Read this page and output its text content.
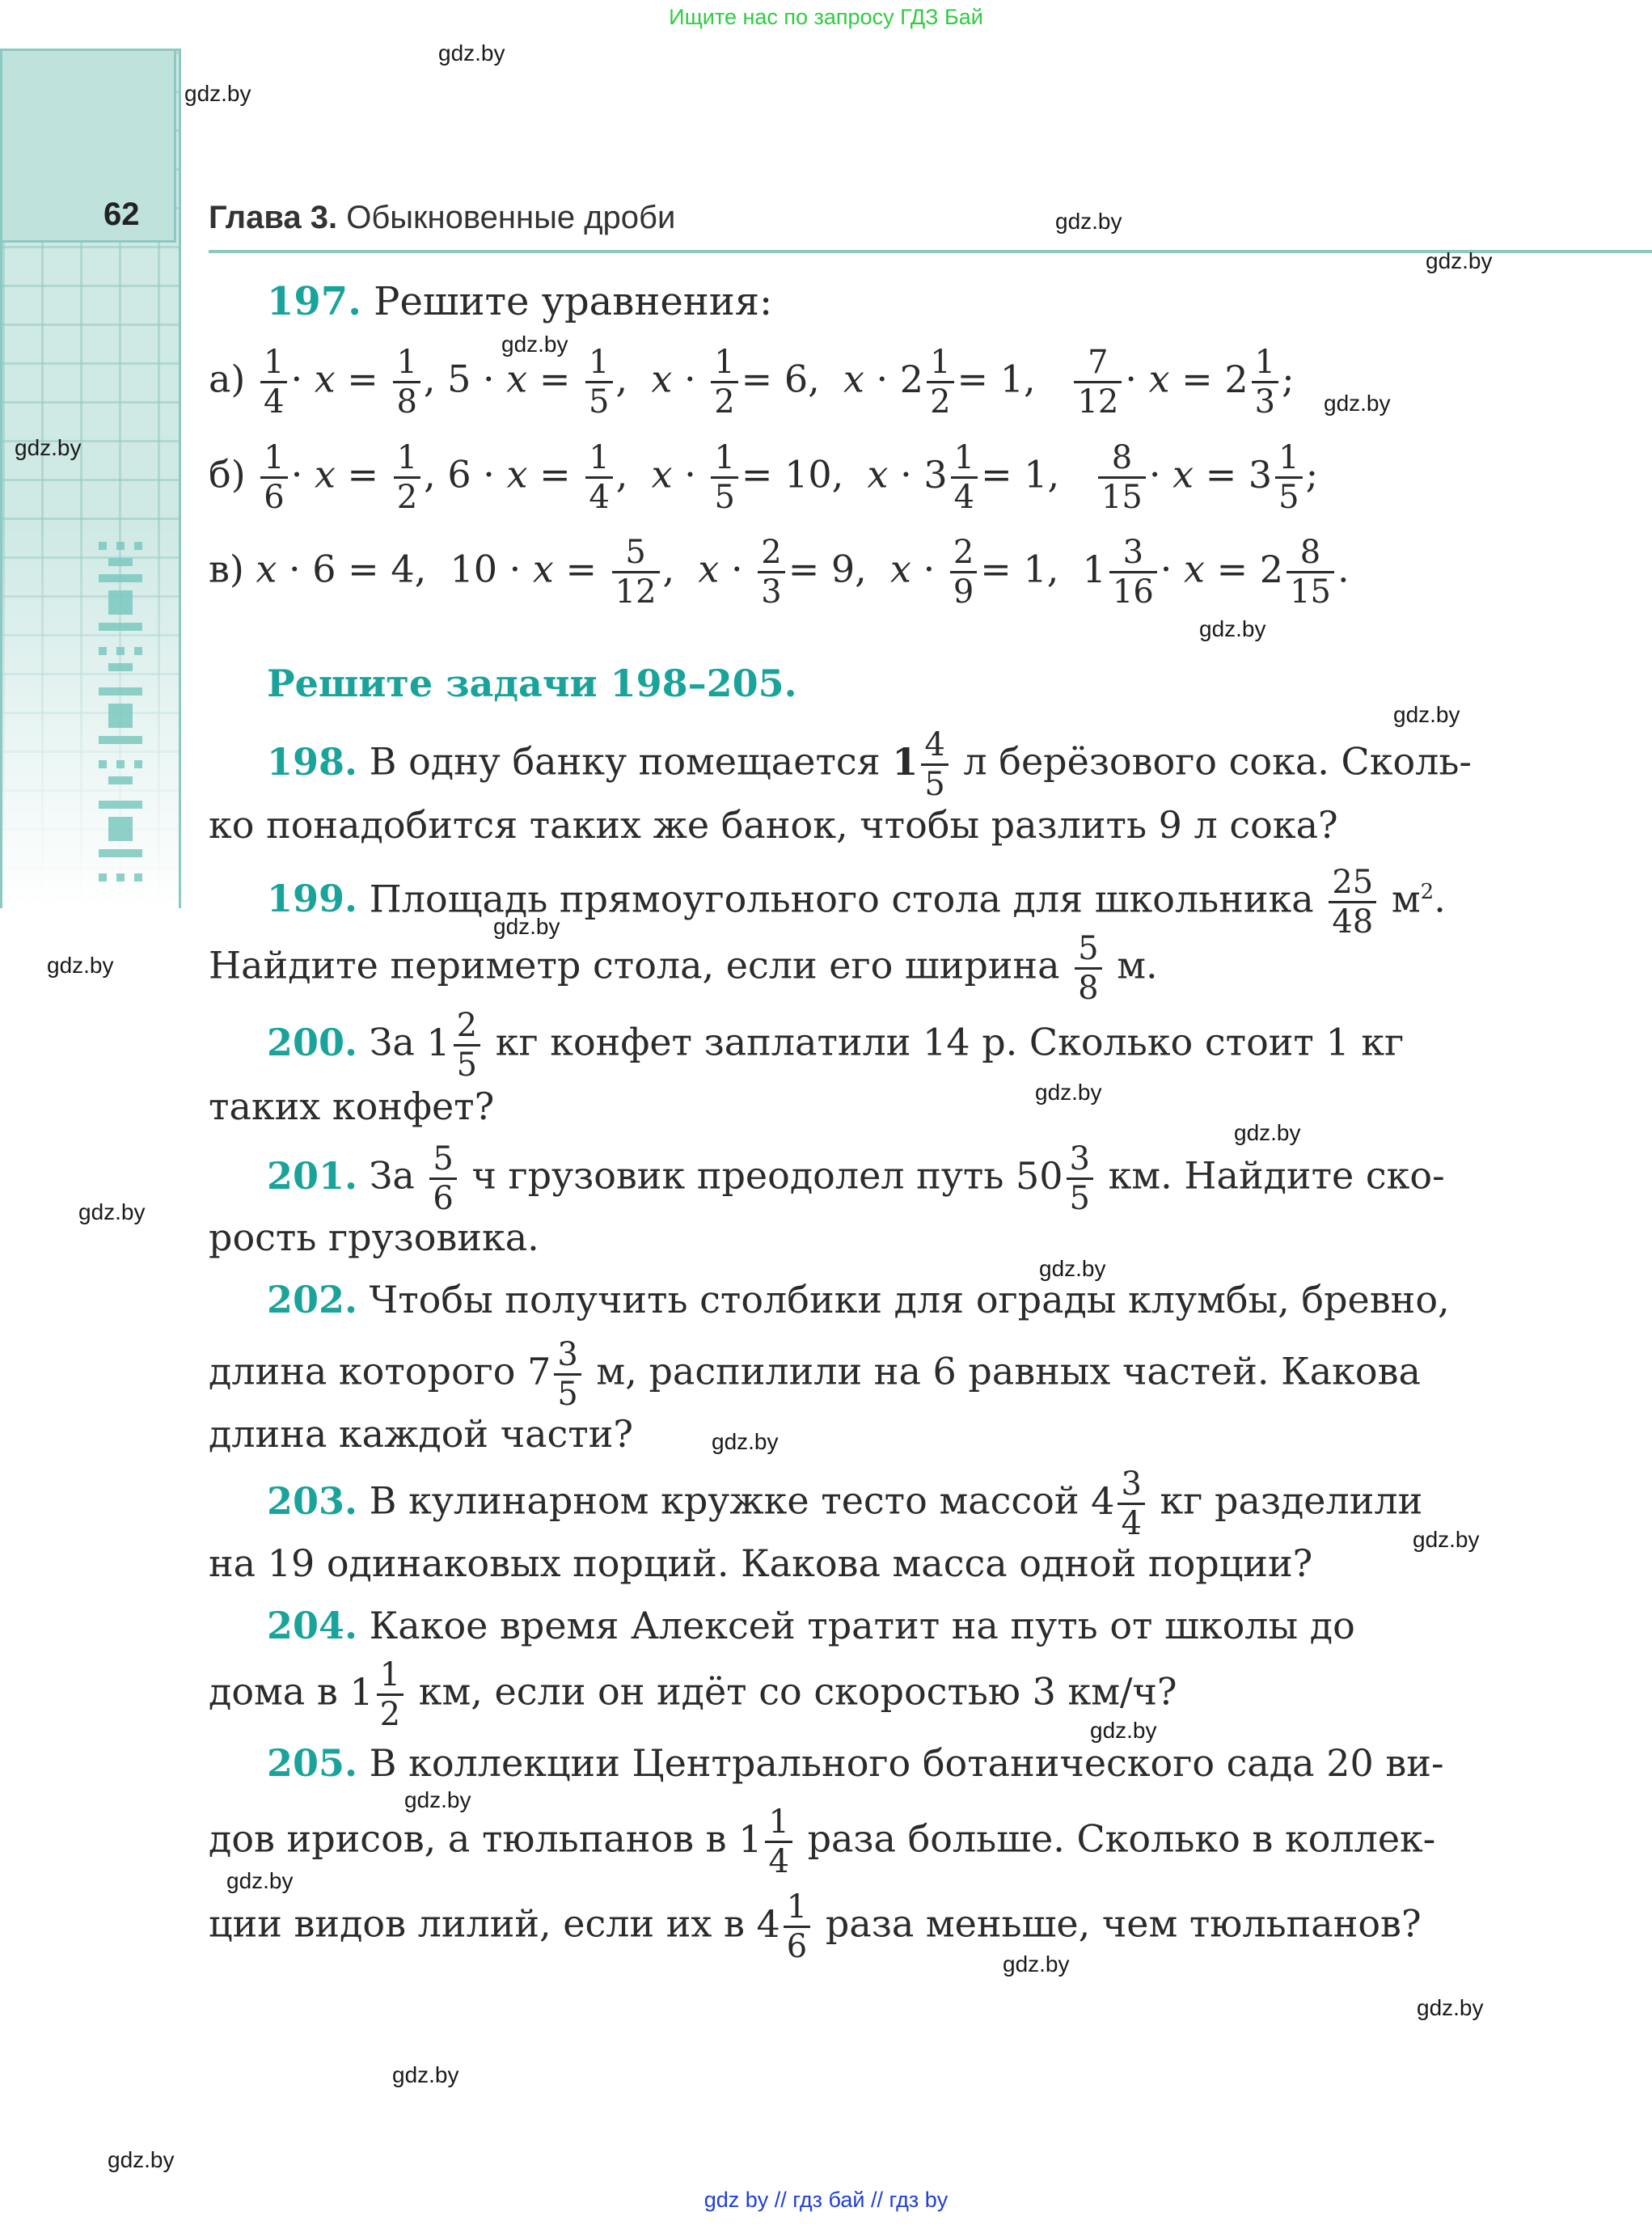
Ищите нас по запросу ГДЗ Бай
62 Глава 3. Обыкновенные дроби
197. Решите уравнения:
$а) \frac{1}{4} \cdot x = \frac{1}{8}$ , $5 \cdot x = \frac{1}{5}$ ,  $x \cdot \frac{1}{2} = 6$,  $x \cdot 2 \frac{1}{2} = 1$, $\frac{7}{12} \cdot x = 2 \frac{1}{3}$ ;
$б) \frac{1}{6} \cdot x = \frac{1}{2}$ , $6 \cdot x = \frac{1}{4}$ ,  $x \cdot \frac{1}{5} = 10$,  $x \cdot 3 \frac{1}{4} = 1$, $\frac{8}{15} \cdot x = 3 \frac{1}{5}$ ;
в) x · 6 = 4,  $10 \cdot x = \frac{5}{12}$ ,  $x \cdot \frac{2}{3} = 9$,  $x \cdot \frac{2}{9} = 1$,  $1 \frac{3}{16} \cdot x = 2 \frac{8}{15}$ .
Решите задачи 198–205.
198. В одну банку помещается $1 \frac{4}{5}$ л берёзового сока. Сколь-
ко понадобится таких же банок, чтобы разлить 9 л сока?
199. Площадь прямоугольного стола для школьника $\frac{25}{48} м^2$.
Найдите периметр стола, если его ширина $\frac{5}{8} м$.
200. За $1 \frac{2}{5}$ кг конфет заплатили 14 р. Сколько стоит 1 кг
таких конфет?
201. За $\frac{5}{6}$ ч грузовик преодолел путь $50 \frac{3}{5}$ км. Найдите ско-
рость грузовика.
202. Чтобы получить столбики для ограды клумбы, бревно,
длина которого $7 \frac{3}{5} м$, распилили на 6 равных частей. Какова
длина каждой части?
203. В кулинарном кружке тесто массой $4 \frac{3}{4}$ кг разделили
на 19 одинаковых порций. Какова масса одной порции?
204. Какое время Алексей тратит на путь от школы до
дома в $1 \frac{1}{2}$ км, если он идёт со скоростью 3 км/ч?
205. В коллекции Центрального ботанического сада 20 ви-
дов ирисов, а тюльпанов в $1 \frac{1}{4}$ раза больше. Сколько в коллек-
ции видов лилий, если их в $4 \frac{1}{6}$ раза меньше, чем тюльпанов?
gdz.by
gdz.by
gdz.by
gdz.by
gdz.by
gdz.by
gdz.by
gdz.by
gdz.by
gdz.by
gdz.by
gdz.by
gdz.by
gdz.by
gdz.by
gdz.by
gdz.by
gdz.by
gdz.by
gdz.by
gdz.by
gdz.by
gdz.by
gdz.by
gdz by // гдз бай // гдз by
